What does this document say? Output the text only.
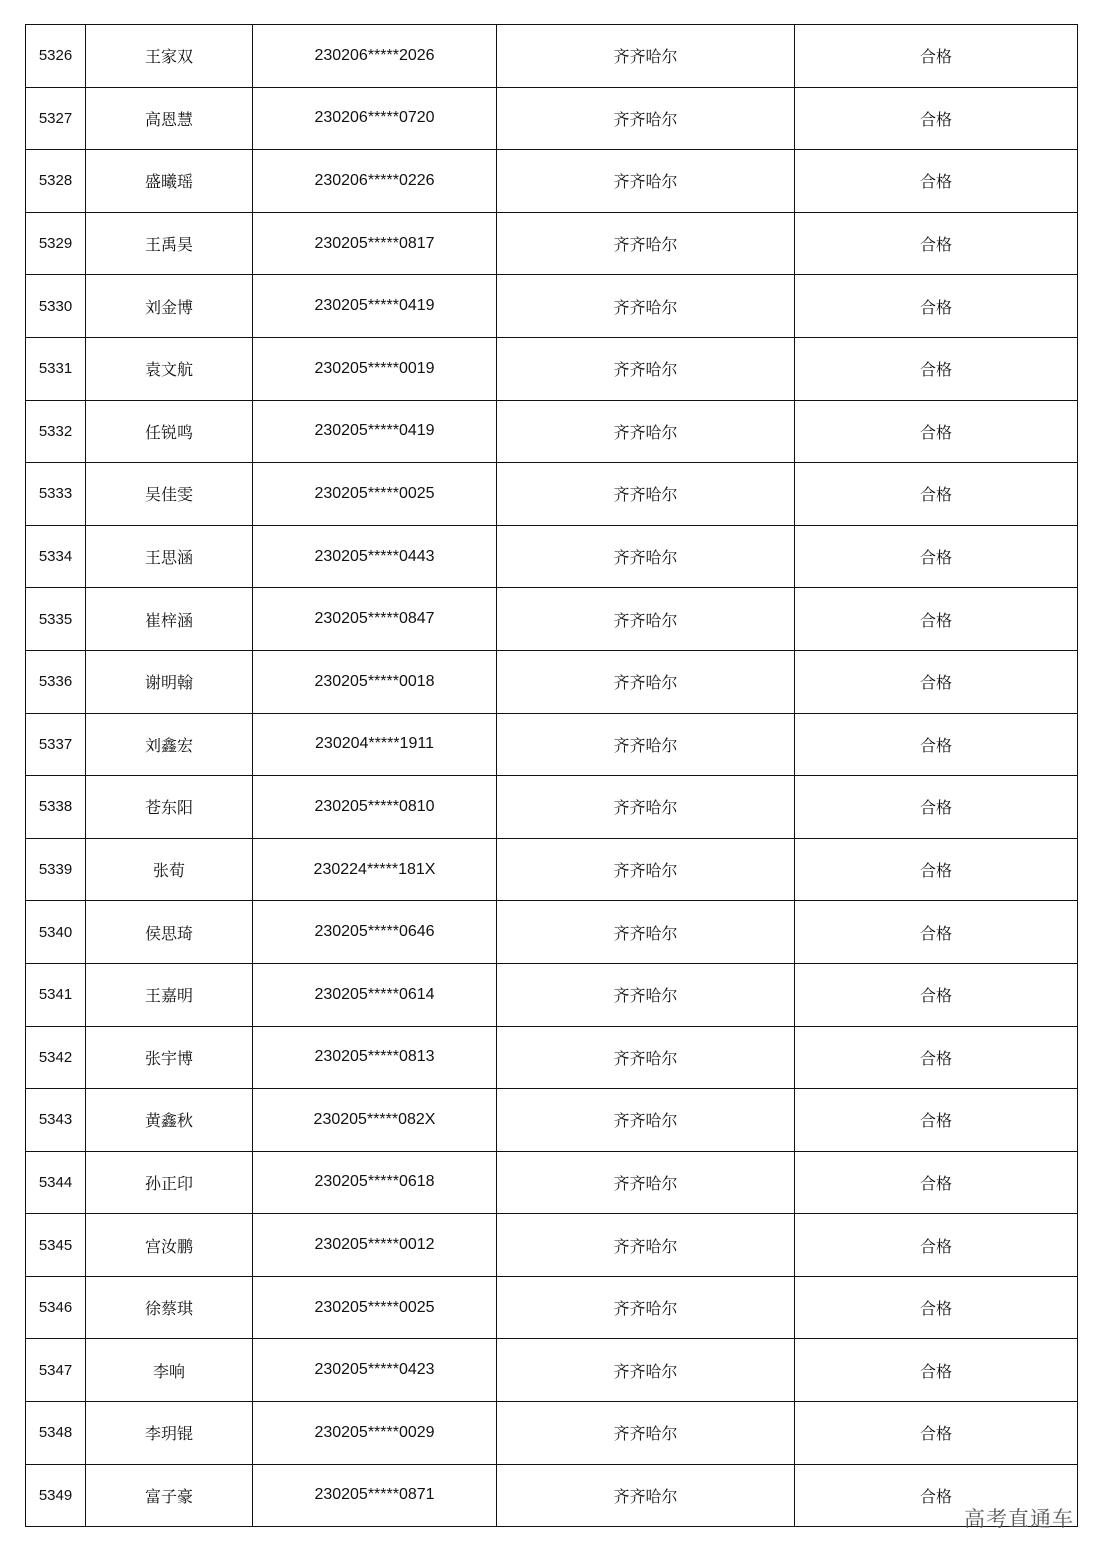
5326	王家双	230206*****2026	齐齐哈尔	合格
5327	高恩慧	230206*****0720	齐齐哈尔	合格
5328	盛曦瑶	230206*****0226	齐齐哈尔	合格
5329	王禹昊	230205*****0817	齐齐哈尔	合格
5330	刘金博	230205*****0419	齐齐哈尔	合格
5331	袁文航	230205*****0019	齐齐哈尔	合格
5332	任锐鸣	230205*****0419	齐齐哈尔	合格
5333	吴佳雯	230205*****0025	齐齐哈尔	合格
5334	王思涵	230205*****0443	齐齐哈尔	合格
5335	崔梓涵	230205*****0847	齐齐哈尔	合格
5336	谢明翰	230205*****0018	齐齐哈尔	合格
5337	刘鑫宏	230204*****1911	齐齐哈尔	合格
5338	苍东阳	230205*****0810	齐齐哈尔	合格
5339	张荀	230224*****181X	齐齐哈尔	合格
5340	侯思琦	230205*****0646	齐齐哈尔	合格
5341	王嘉明	230205*****0614	齐齐哈尔	合格
5342	张宇博	230205*****0813	齐齐哈尔	合格
5343	黄鑫秋	230205*****082X	齐齐哈尔	合格
5344	孙正印	230205*****0618	齐齐哈尔	合格
5345	宫汝鹏	230205*****0012	齐齐哈尔	合格
5346	徐蔡琪	230205*****0025	齐齐哈尔	合格
5347	李响	230205*****0423	齐齐哈尔	合格
5348	李玥锟	230205*****0029	齐齐哈尔	合格
5349	富子豪	230205*****0871	齐齐哈尔	合格
高考直通车
